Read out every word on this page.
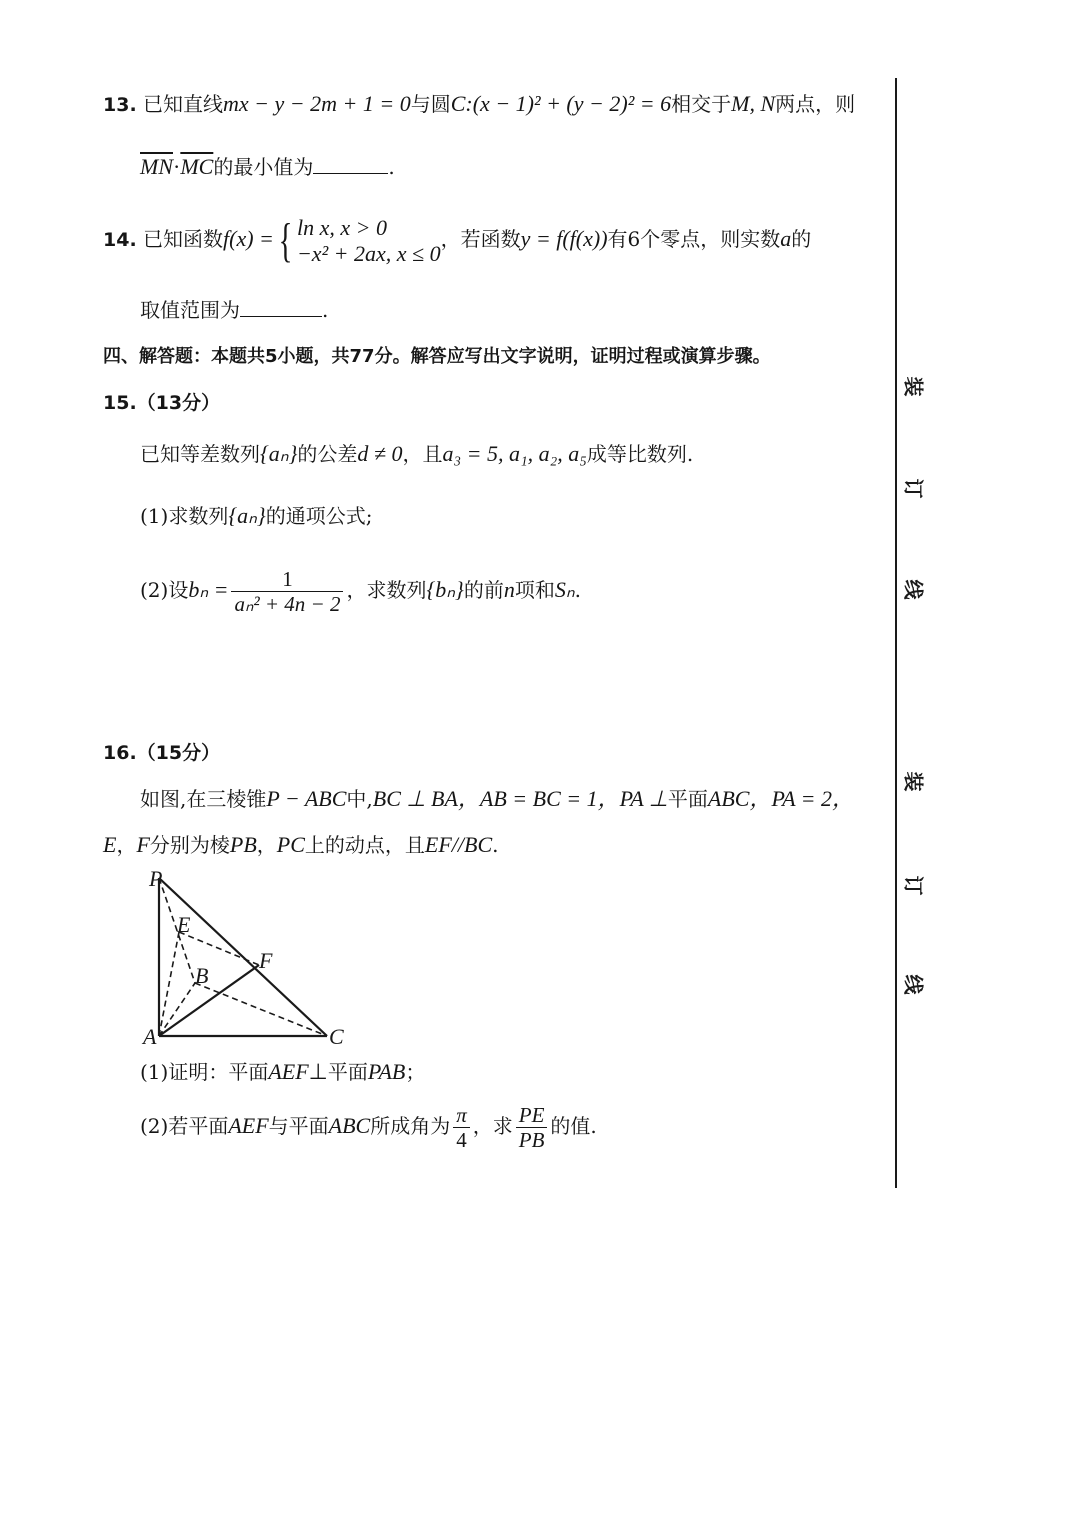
13. 已知直线mx − y − 2m + 1 = 0与圆C:(x − 1)² + (y − 2)² = 6相交于M, N两点，则
$\overline{MN}\cdot\overline{MC}$的最小值为	.
14. 已知函数f(x) ={ ln x, x > 0
−x² + 2ax, x ≤ 0
，若函数y = f(f(x))有6个零点，则实数a的
取值范围为	.
四、解答题：本题共5小题，共77分。解答应写出文字说明，证明过程或演算步骤。
15.（13分）
已知等差数列{aₙ}的公差d ≠ 0，且a₃ = 5, a₁, a₂, a₅成等比数列.
(1)求数列{aₙ}的通项公式;
(2)设$b_n = \frac{1}{\text{aₙ² + 4n − 2}}$ ，求数列{bₙ}的前n项和Sₙ.
16.（15分）
如图,在三棱锥P − ABC中,BC ⊥ BA，AB = BC = 1，PA ⊥平面ABC，PA = 2，
E，F分别为棱PB，PC上的动点，且EF//BC.
P
E
B
F
A	C
(1)证明：平面AEF⊥平面PAB；
(2)若平面AEF与平面ABC所成角为 $\frac{\pi}{4}$ ，求 $\frac{PE}{PB}$ 的值.
装
订
线
装
订
线
